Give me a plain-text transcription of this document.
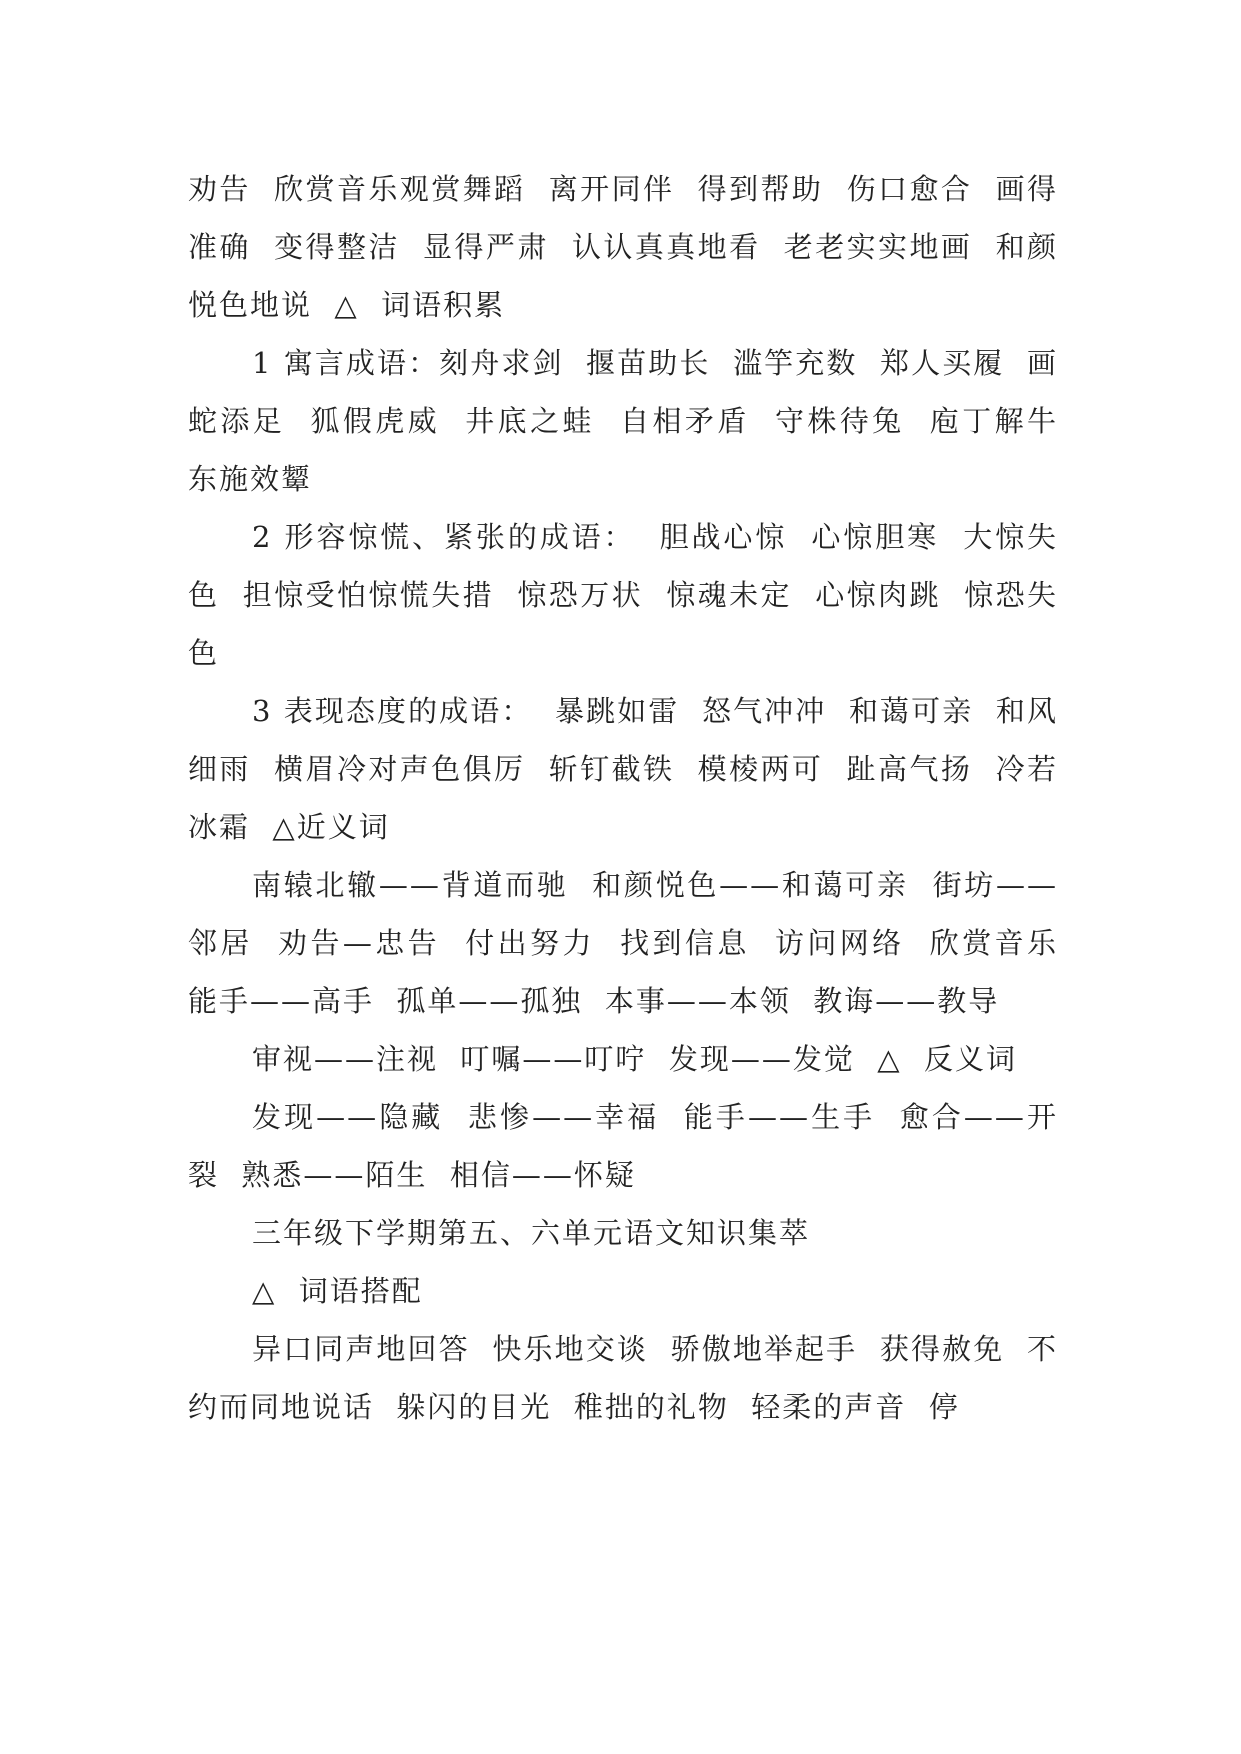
劝告  欣赏音乐观赏舞蹈  离开同伴  得到帮助  伤口愈合  画得准确  变得整洁  显得严肃  认认真真地看  老老实实地画  和颜悦色地说  △  词语积累

1 寓言成语：刻舟求剑  揠苗助长  滥竽充数  郑人买履  画蛇添足  狐假虎威  井底之蛙  自相矛盾  守株待兔  庖丁解牛  东施效颦

2 形容惊慌、紧张的成语：  胆战心惊  心惊胆寒  大惊失色  担惊受怕惊慌失措  惊恐万状  惊魂未定  心惊肉跳  惊恐失色

3 表现态度的成语：  暴跳如雷  怒气冲冲  和蔼可亲  和风细雨  横眉冷对声色俱厉  斩钉截铁  模棱两可  趾高气扬  冷若冰霜  △近义词

南辕北辙——背道而驰  和颜悦色——和蔼可亲  街坊——邻居  劝告—忠告  付出努力  找到信息  访问网络  欣赏音乐  能手——高手  孤单——孤独  本事——本领  教诲——教导

审视——注视  叮嘱——叮咛  发现——发觉  △  反义词

发现——隐藏  悲惨——幸福  能手——生手  愈合——开裂  熟悉——陌生  相信——怀疑

三年级下学期第五、六单元语文知识集萃

△  词语搭配

异口同声地回答  快乐地交谈  骄傲地举起手  获得赦免  不约而同地说话  躲闪的目光  稚拙的礼物  轻柔的声音  停
